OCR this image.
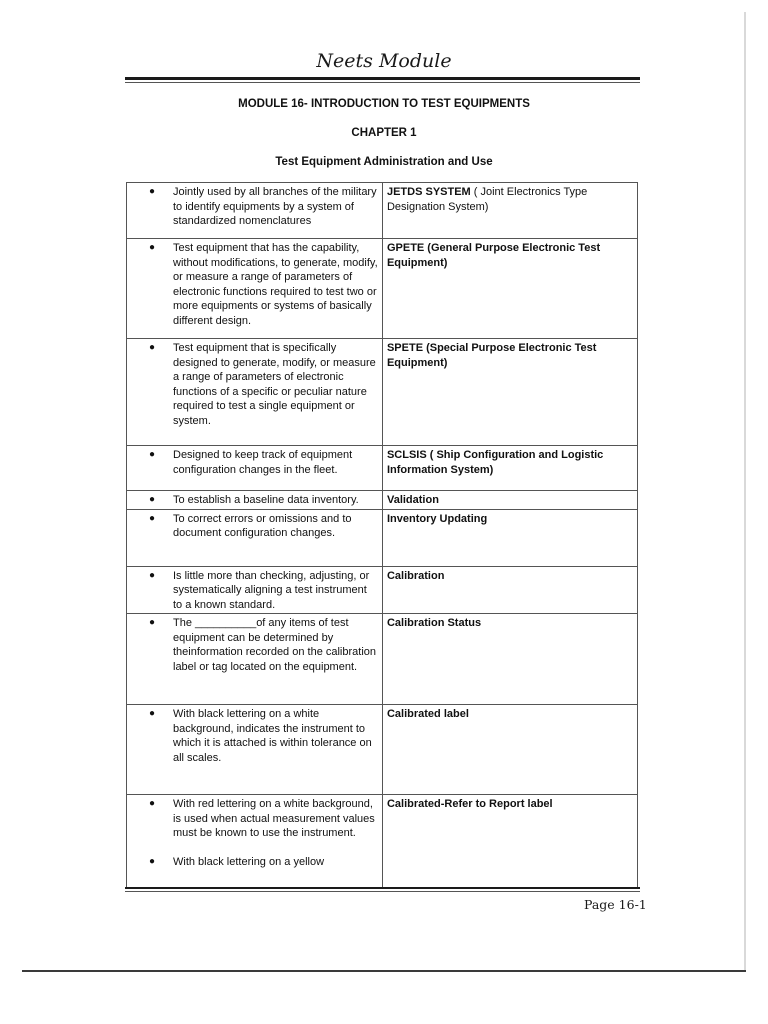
Neets Module
MODULE 16- INTRODUCTION TO TEST EQUIPMENTS
CHAPTER 1
Test Equipment Administration and Use
● Jointly used by all branches of the military to identify equipments by a system of standardized nomenclatures	JETDS SYSTEM ( Joint Electronics Type Designation System)

● Test equipment that has the capability, without modifications, to generate, modify, or measure a range of parameters of electronic functions required to test two or more equipments or systems of basically different design.	GPETE (General Purpose Electronic Test Equipment)

● Test equipment that is specifically designed to generate, modify, or measure a range of parameters of electronic functions of a specific or peculiar nature required to test a single equipment or system.	SPETE (Special Purpose Electronic Test Equipment)

● Designed to keep track of equipment configuration changes in the fleet.	SCLSIS ( Ship Configuration and Logistic Information System)

● To establish a baseline data inventory.	Validation

● To correct errors or omissions and to document configuration changes.	Inventory Updating

● Is little more than checking, adjusting, or systematically aligning a test instrument to a known standard.	Calibration

● The __________of any items of test equipment can be determined by theinformation recorded on the calibration label or tag located on the equipment.	Calibration Status

● With black lettering on a white background, indicates the instrument to which it is attached is within tolerance on all scales.	Calibrated label

● With red lettering on a white background, is used when actual measurement values must be known to use the instrument.
● With black lettering on a yellow	Calibrated-Refer to Report label
Page 16-1
